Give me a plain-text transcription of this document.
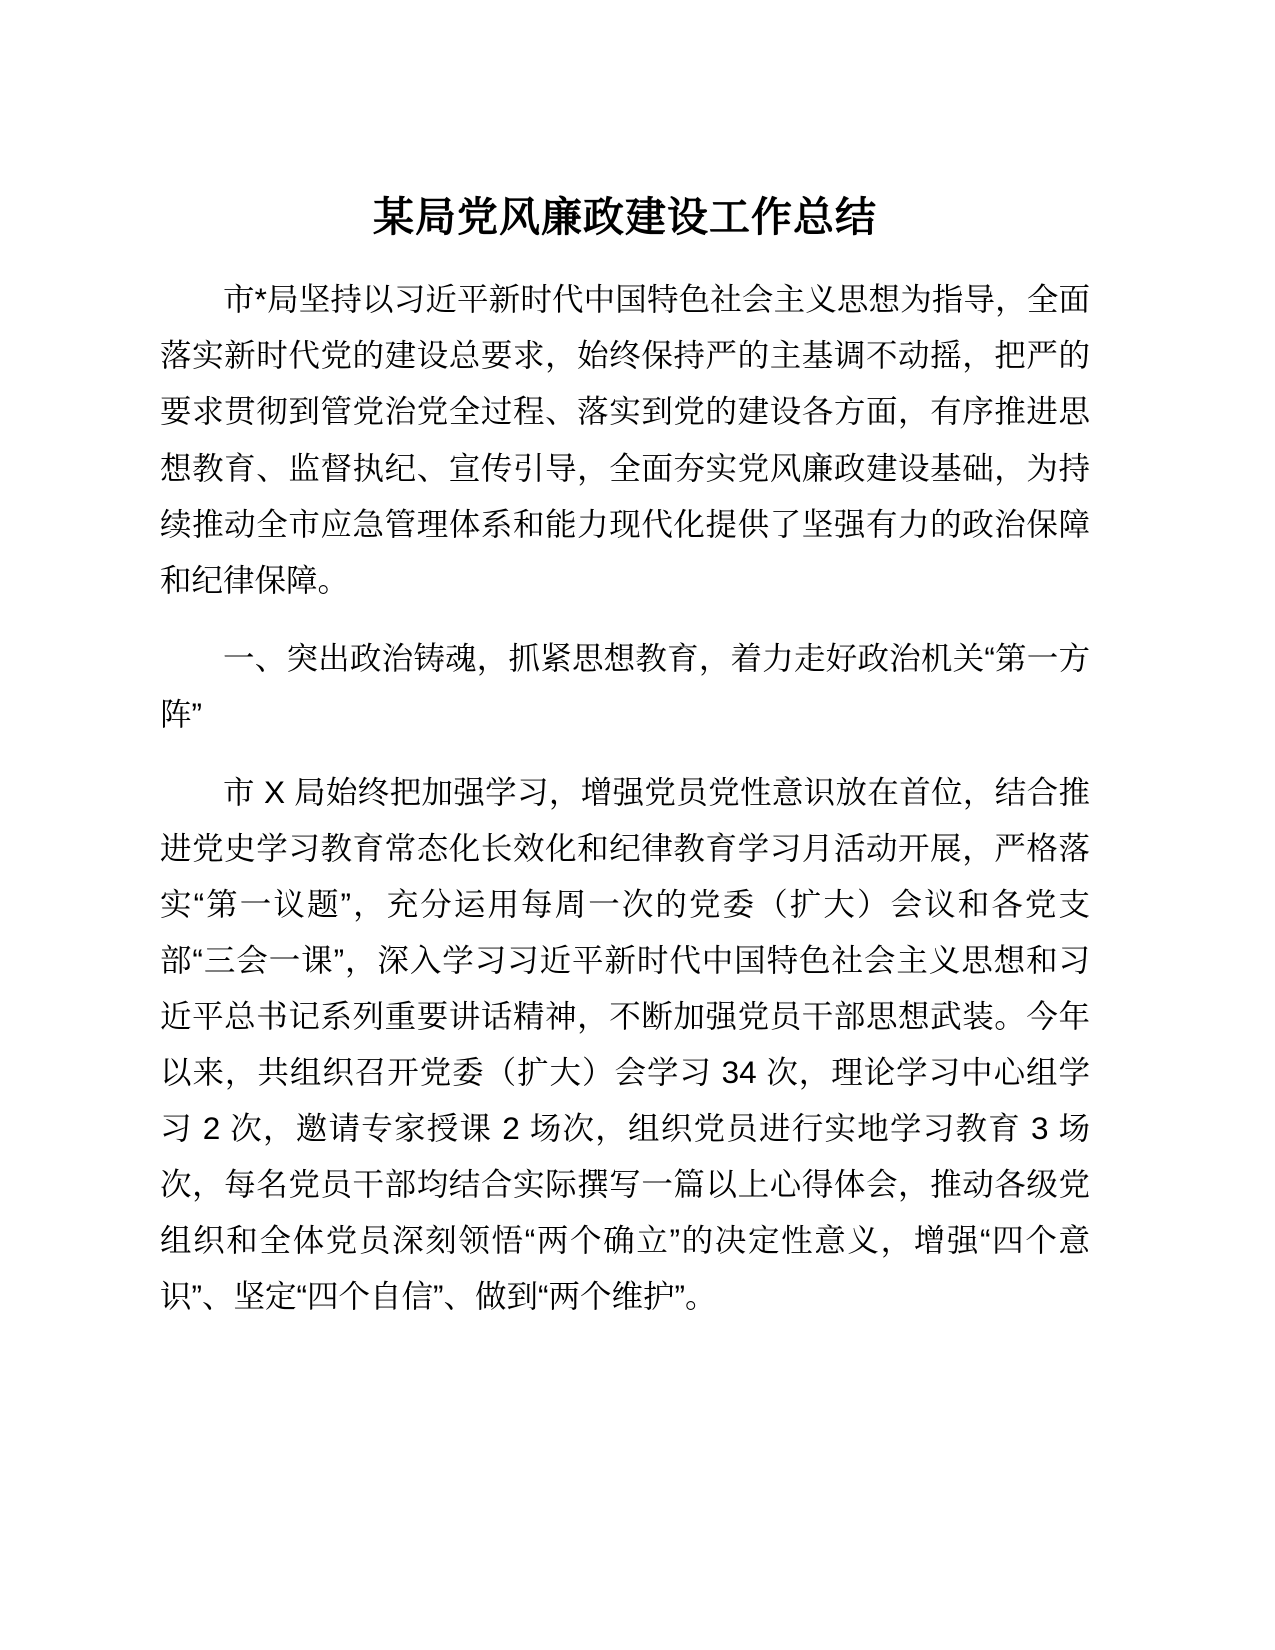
某局党风廉政建设工作总结

市*局坚持以习近平新时代中国特色社会主义思想为指导，全面落实新时代党的建设总要求，始终保持严的主基调不动摇，把严的要求贯彻到管党治党全过程、落实到党的建设各方面，有序推进思想教育、监督执纪、宣传引导，全面夯实党风廉政建设基础，为持续推动全市应急管理体系和能力现代化提供了坚强有力的政治保障和纪律保障。

一、突出政治铸魂，抓紧思想教育，着力走好政治机关“第一方阵”

市 X 局始终把加强学习，增强党员党性意识放在首位，结合推进党史学习教育常态化长效化和纪律教育学习月活动开展，严格落实“第一议题”，充分运用每周一次的党委（扩大）会议和各党支部“三会一课”，深入学习习近平新时代中国特色社会主义思想和习近平总书记系列重要讲话精神，不断加强党员干部思想武装。今年以来，共组织召开党委（扩大）会学习 34 次，理论学习中心组学习 2 次，邀请专家授课 2 场次，组织党员进行实地学习教育 3 场次，每名党员干部均结合实际撰写一篇以上心得体会，推动各级党组织和全体党员深刻领悟“两个确立”的决定性意义，增强“四个意识”、坚定“四个自信”、做到“两个维护”。
